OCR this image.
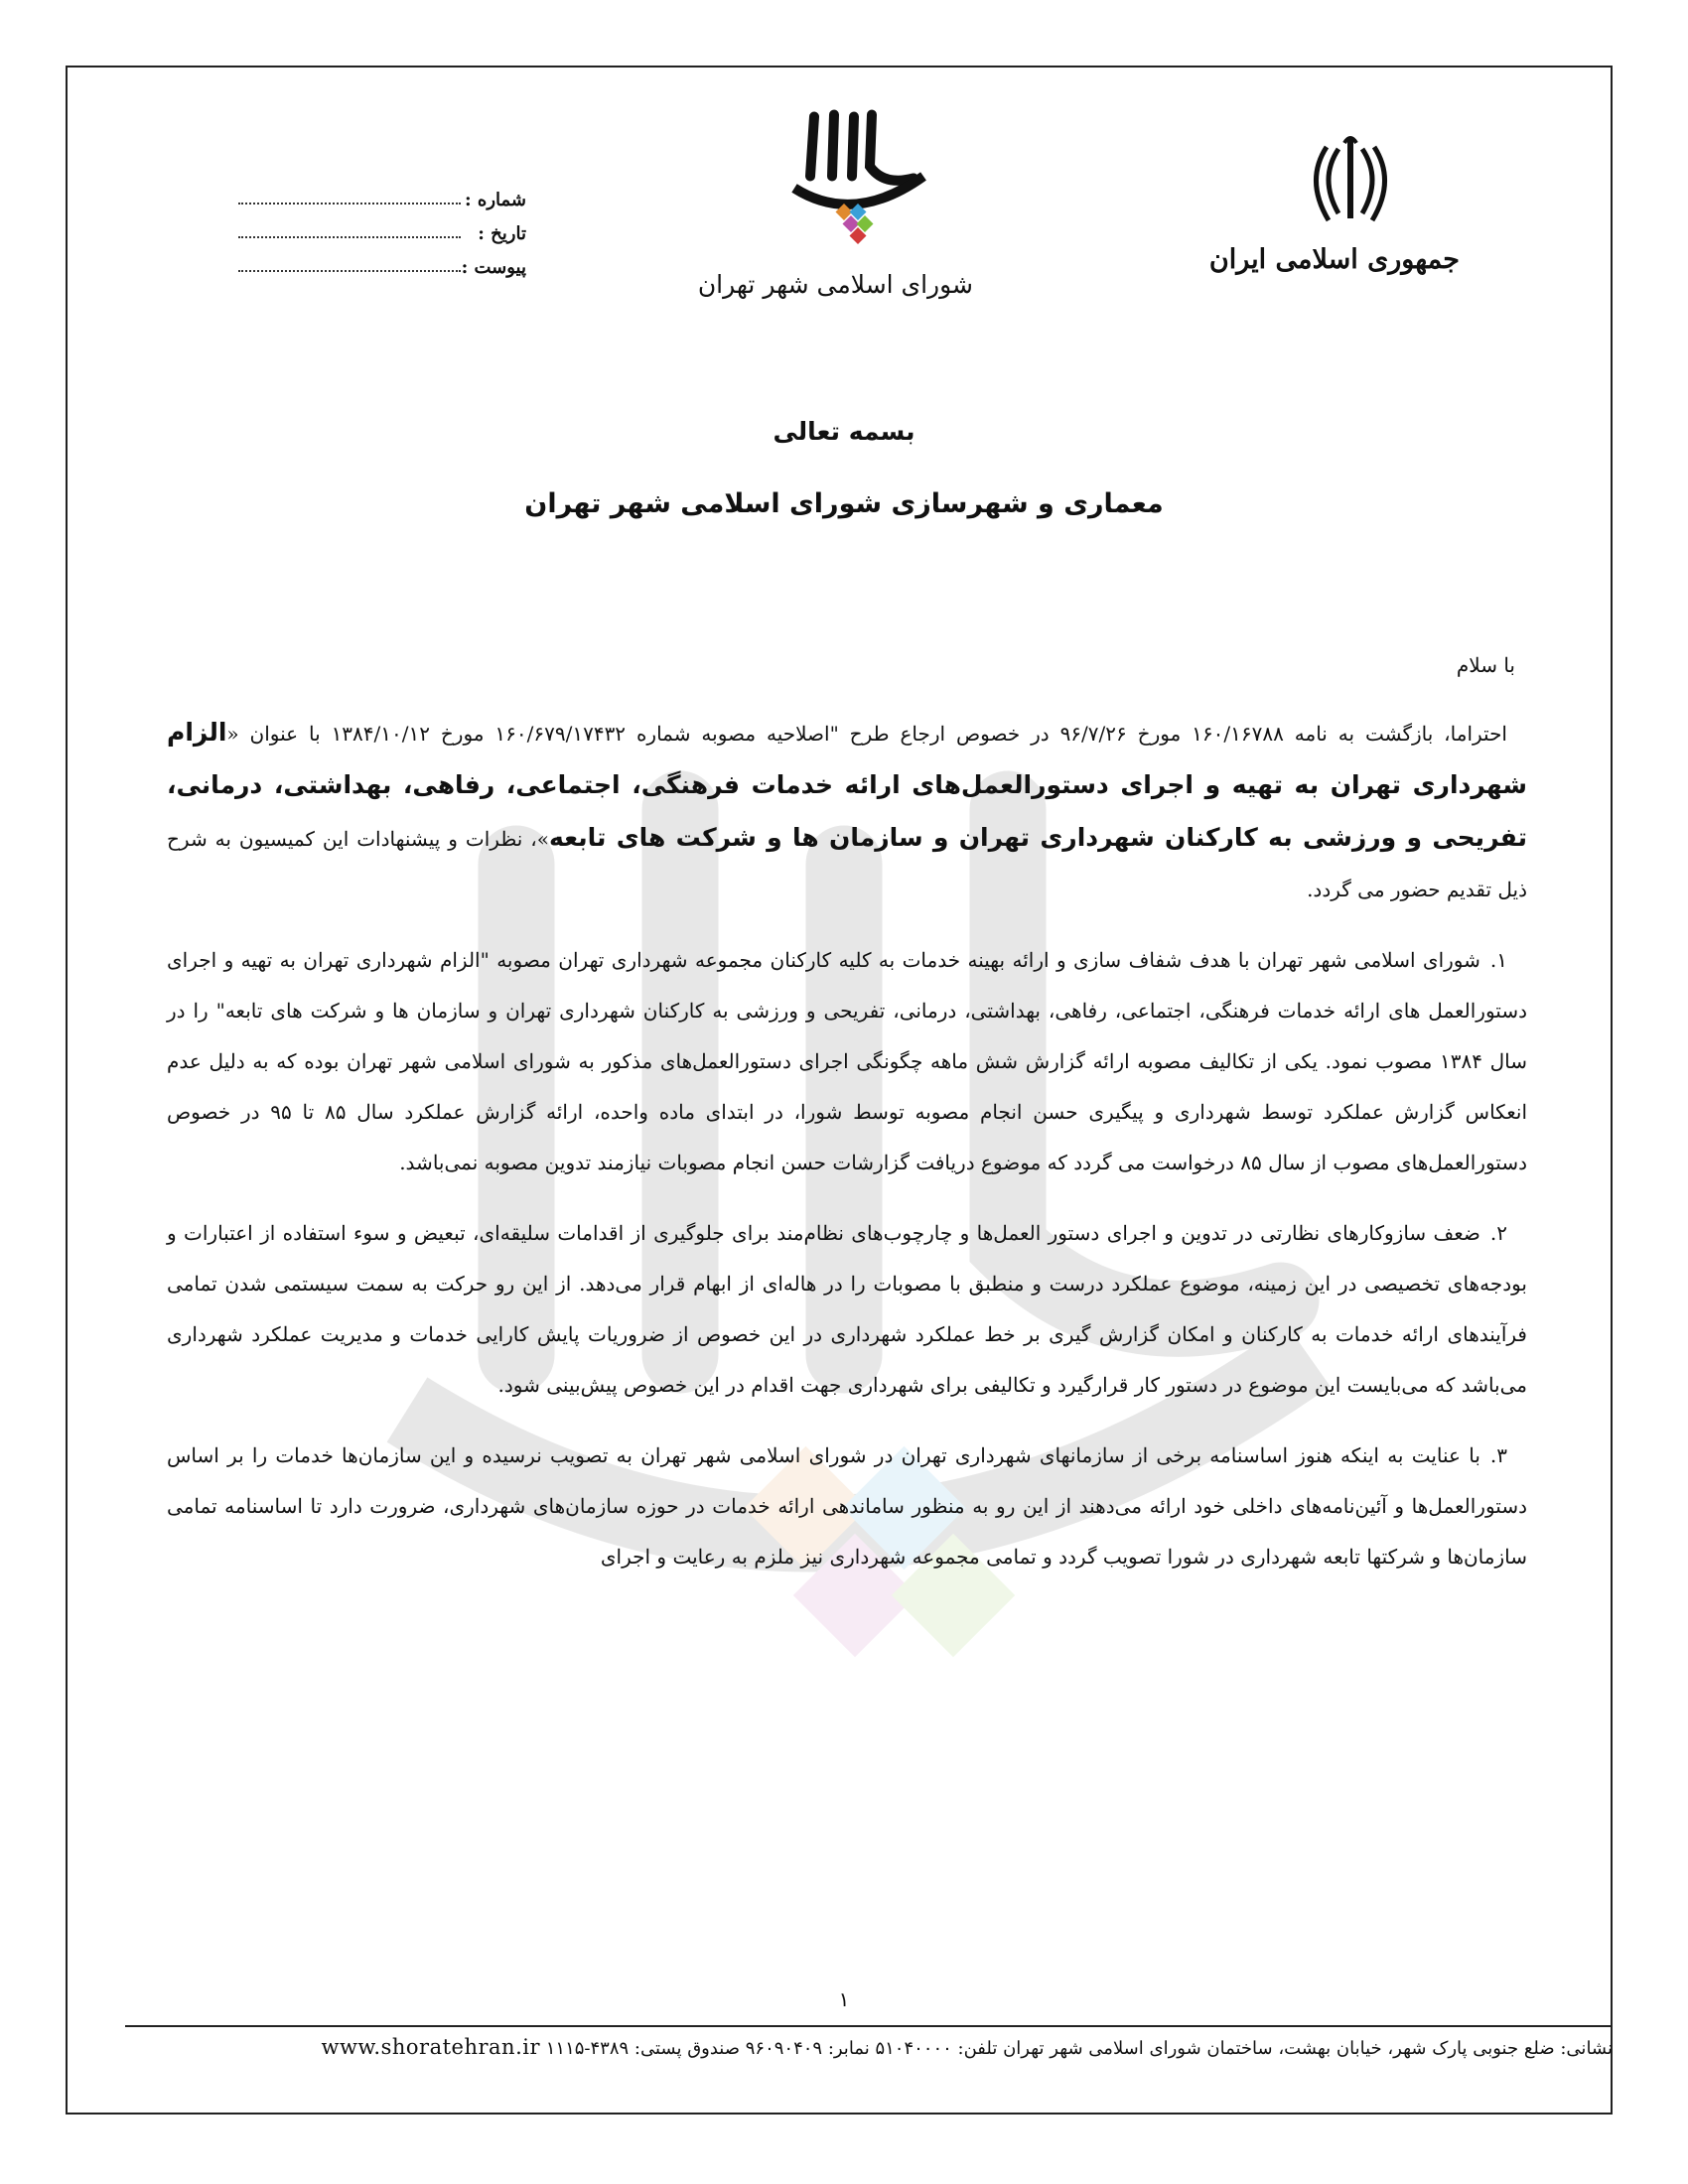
جمهوری اسلامی ایران
شورای اسلامی شهر تهران
شماره :
تاریخ :
پیوست :
بسمه تعالی
معماری و شهرسازی شورای اسلامی شهر تهران
با سلام

احتراما، بازگشت به نامه ۱۶۰/۱۶۷۸۸ مورخ ۹۶/۷/۲۶ در خصوص ارجاع طرح "اصلاحیه مصوبه شماره ۱۶۰/۶۷۹/۱۷۴۳۲ مورخ ۱۳۸۴/۱۰/۱۲ با عنوان «الزام شهرداری تهران به تهیه و اجرای دستورالعمل‌های ارائه خدمات فرهنگی، اجتماعی، رفاهی، بهداشتی، درمانی، تفریحی و ورزشی به کارکنان شهرداری تهران و سازمان ها و شرکت های تابعه»، نظرات و پیشنهادات این کمیسیون به شرح ذیل تقدیم حضور می گردد.

۱.شورای اسلامی شهر تهران با هدف شفاف سازی و ارائه بهینه خدمات به کلیه کارکنان مجموعه شهرداری تهران مصوبه "الزام شهرداری تهران به تهیه و اجرای دستورالعمل های ارائه خدمات فرهنگی، اجتماعی، رفاهی، بهداشتی، درمانی، تفریحی و ورزشی به کارکنان شهرداری تهران و سازمان ها و شرکت های تابعه" را در سال ۱۳۸۴ مصوب نمود. یکی از تکالیف مصوبه ارائه گزارش شش ماهه چگونگی اجرای دستورالعمل‌های مذکور به شورای اسلامی شهر تهران بوده که به دلیل عدم انعکاس گزارش عملکرد توسط شهرداری و پیگیری حسن انجام مصوبه توسط شورا، در ابتدای ماده واحده، ارائه گزارش عملکرد سال ۸۵ تا ۹۵ در خصوص دستورالعمل‌های مصوب از سال ۸۵ درخواست می گردد که موضوع دریافت گزارشات حسن انجام مصوبات نیازمند تدوین مصوبه نمی‌باشد.

۲.ضعف سازوکارهای نظارتی در تدوین و اجرای دستور العمل‌ها و چارچوب‌های نظام‌مند برای جلوگیری از اقدامات سلیقه‌ای، تبعیض و سوء استفاده از اعتبارات و بودجه‌های تخصیصی در این زمینه، موضوع عملکرد درست و منطبق با مصوبات را در هاله‌ای از ابهام قرار می‌دهد. از این رو حرکت به سمت سیستمی شدن تمامی فرآیندهای ارائه خدمات به کارکنان و امکان گزارش گیری بر خط عملکرد شهرداری در این خصوص از ضروریات پایش کارایی خدمات و مدیریت عملکرد شهرداری می‌باشد که می‌بایست این موضوع در دستور کار قرارگیرد و تکالیفی برای شهرداری جهت اقدام در این خصوص پیش‌بینی شود.

۳.با عنایت به اینکه هنوز اساسنامه برخی از سازمانهای شهرداری تهران در شورای اسلامی شهر تهران به تصویب نرسیده و این سازمان‌ها خدمات را بر اساس دستورالعمل‌ها و آئین‌نامه‌های داخلی خود ارائه می‌دهند از این رو به منظور ساماندهی ارائه خدمات در حوزه سازمان‌های شهرداری، ضرورت دارد تا اساسنامه تمامی سازمان‌ها و شرکتها تابعه شهرداری در شورا تصویب گردد و تمامی مجموعه شهرداری نیز ملزم به رعایت و اجرای

۱
نشانی: ضلع جنوبی پارک شهر، خیابان بهشت، ساختمان شورای اسلامی شهر تهران تلفن: ۵۱۰۴۰۰۰۰ نمابر: ۹۶۰۹۰۴۰۹ صندوق پستی: ۴۳۸۹-۱۱۱۵ www.shoratehran.ir
